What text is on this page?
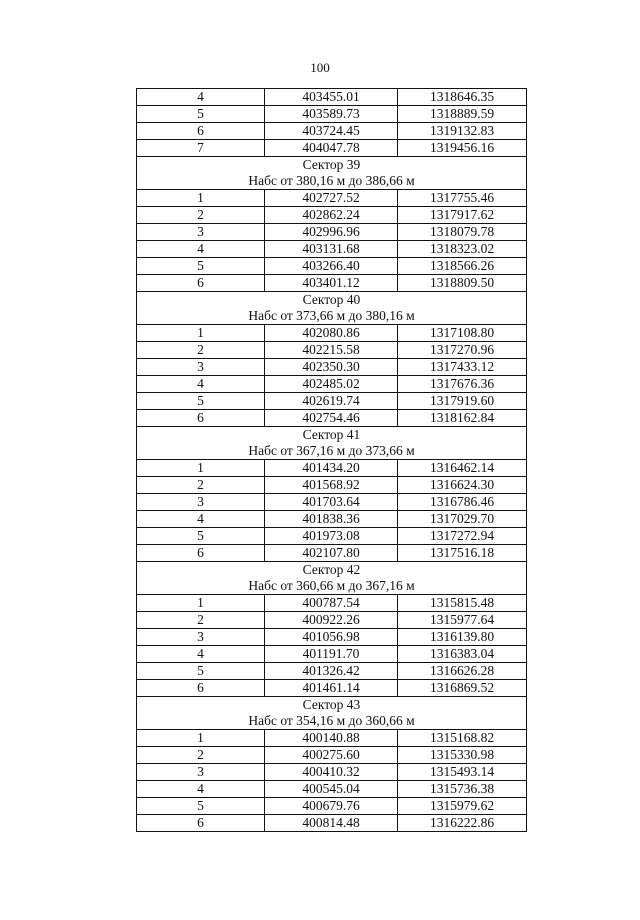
100
4	403455.01	1318646.35
5	403589.73	1318889.59
6	403724.45	1319132.83
7	404047.78	1319456.16
Сектор 39		
Набс от 380,16 м до 386,66 м		
1	402727.52	1317755.46
2	402862.24	1317917.62
3	402996.96	1318079.78
4	403131.68	1318323.02
5	403266.40	1318566.26
6	403401.12	1318809.50
Сектор 40		
Набс от 373,66 м до 380,16 м		
1	402080.86	1317108.80
2	402215.58	1317270.96
3	402350.30	1317433.12
4	402485.02	1317676.36
5	402619.74	1317919.60
6	402754.46	1318162.84
Сектор 41		
Набс от 367,16 м до 373,66 м		
1	401434.20	1316462.14
2	401568.92	1316624.30
3	401703.64	1316786.46
4	401838.36	1317029.70
5	401973.08	1317272.94
6	402107.80	1317516.18
Сектор 42		
Набс от 360,66 м до 367,16 м		
1	400787.54	1315815.48
2	400922.26	1315977.64
3	401056.98	1316139.80
4	401191.70	1316383.04
5	401326.42	1316626.28
6	401461.14	1316869.52
Сектор 43		
Набс от 354,16 м до 360,66 м		
1	400140.88	1315168.82
2	400275.60	1315330.98
3	400410.32	1315493.14
4	400545.04	1315736.38
5	400679.76	1315979.62
6	400814.48	1316222.86
